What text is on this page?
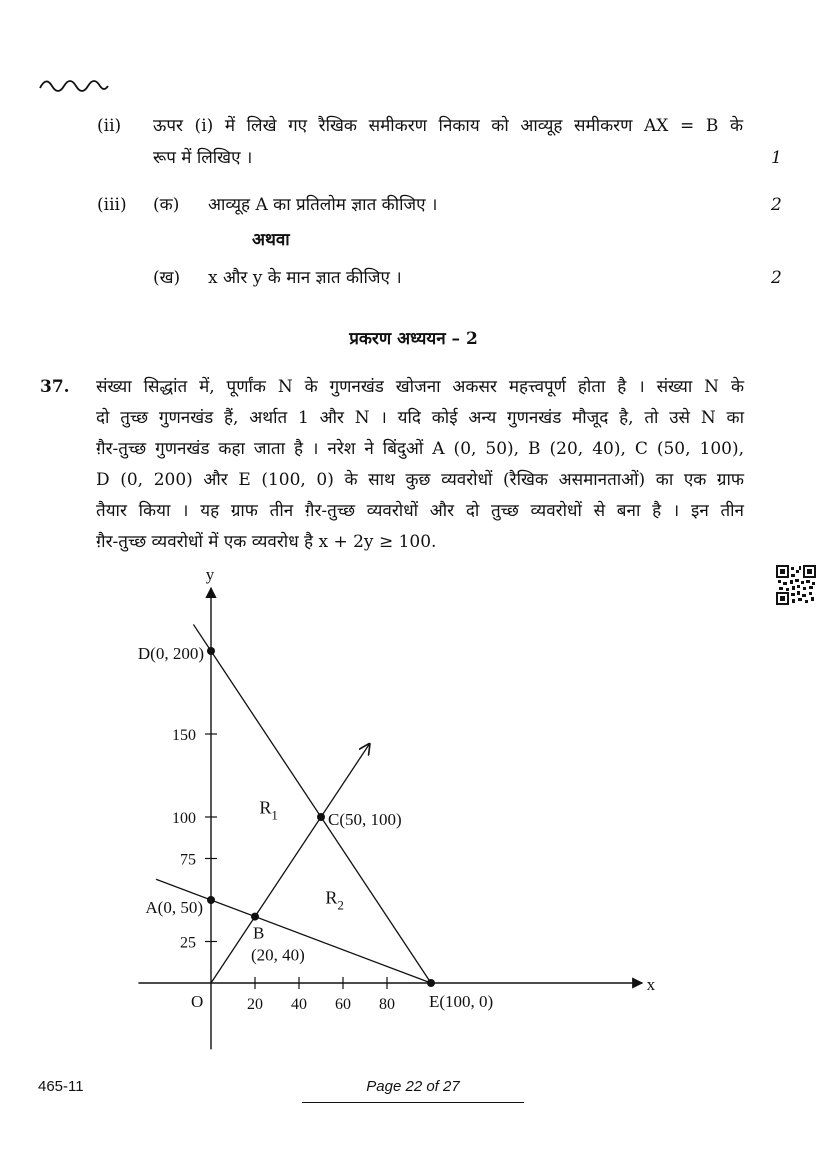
(ii) ऊपर (i) में लिखे गए रैखिक समीकरण निकाय को आव्यूह समीकरण AX = B के
रूप में लिखिए ।	1
(iii) (क) आव्यूह A का प्रतिलोम ज्ञात कीजिए ।	2
अथवा
(ख) x और y के मान ज्ञात कीजिए ।	2
प्रकरण अध्ययन – 2
37. संख्या सिद्धांत में, पूर्णांक N के गुणनखंड खोजना अकसर महत्त्वपूर्ण होता है । संख्या N के
दो तुच्छ गुणनखंड हैं, अर्थात 1 और N । यदि कोई अन्य गुणनखंड मौजूद है, तो उसे N का
ग़ैर-तुच्छ गुणनखंड कहा जाता है । नरेश ने बिंदुओं A (0, 50), B (20, 40), C (50, 100),
D (0, 200) और E (100, 0) के साथ कुछ व्यवरोधों (रैखिक असमानताओं) का एक ग्राफ
तैयार किया । यह ग्राफ तीन ग़ैर-तुच्छ व्यवरोधों और दो तुच्छ व्यवरोधों से बना है । इन तीन
ग़ैर-तुच्छ व्यवरोधों में एक व्यवरोध है x + 2y ≥ 100.
x
y
O	20 40 60 80
25
75
100
150
A(0, 50)
B
(20, 40)
C(50, 100)
D(0, 200)
E(100, 0)
$R_1$
$R_2$
465-11	Page 22 of 27
